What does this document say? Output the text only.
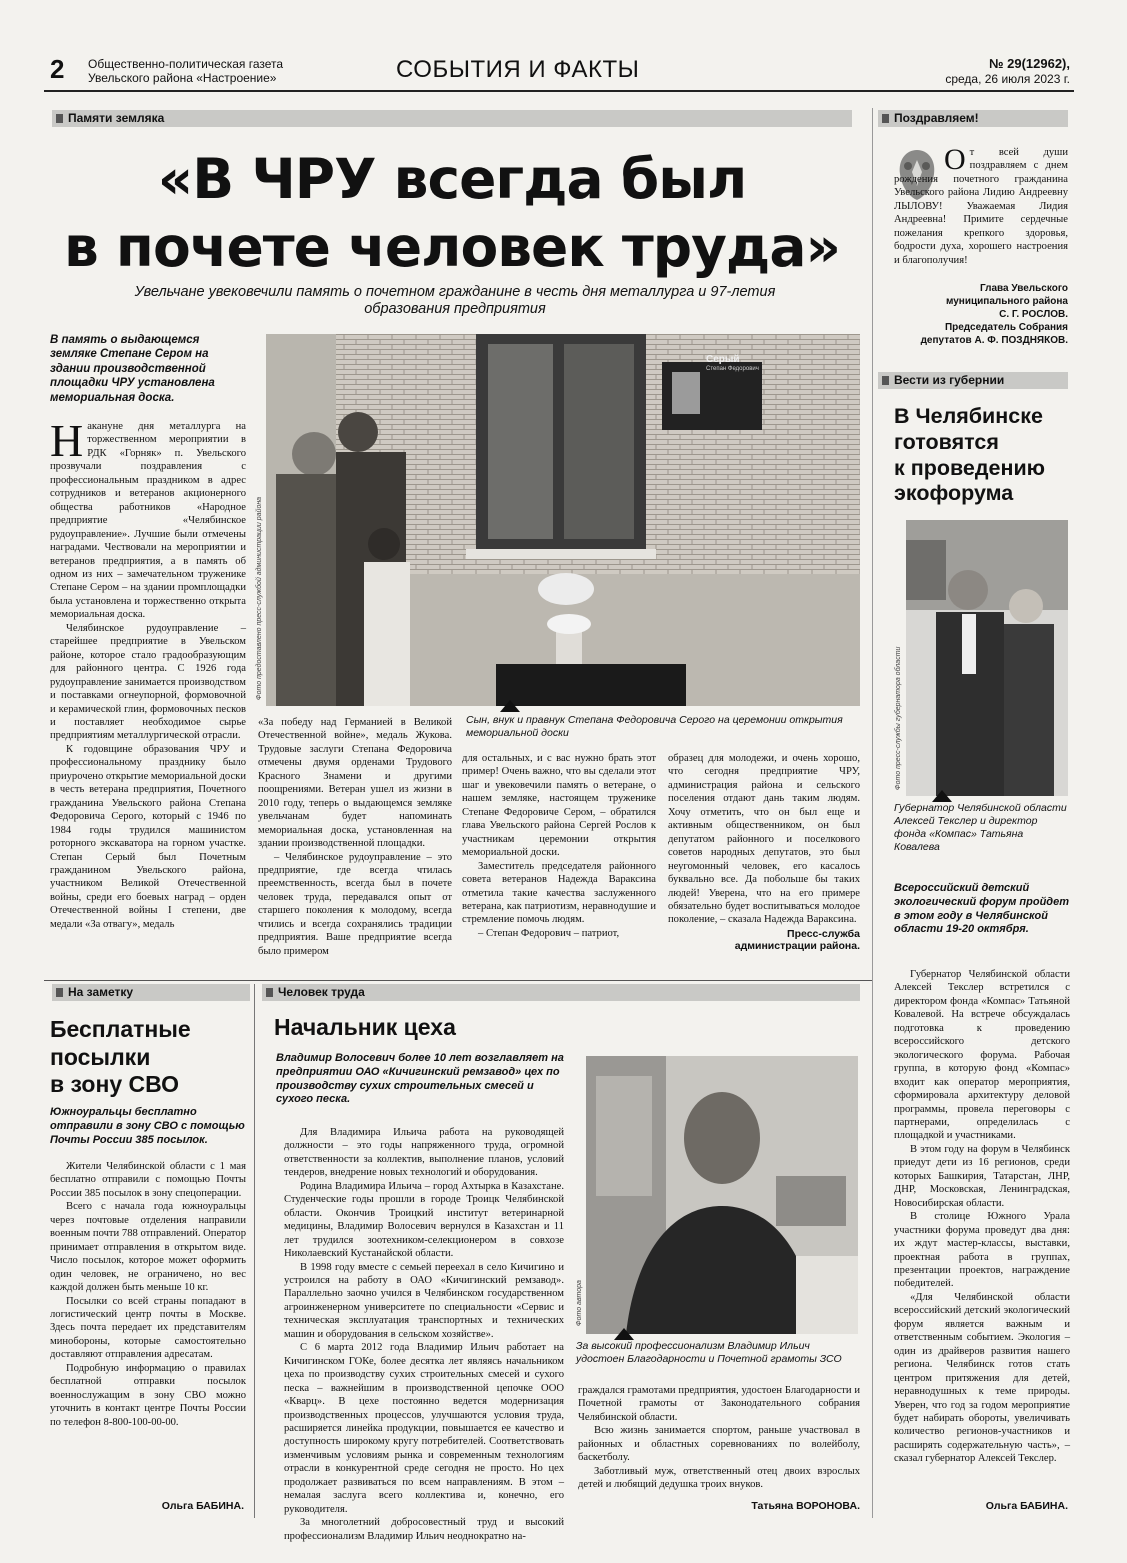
2 Общественно-политическая газета
Увельского района «Настроение»	СОБЫТИЯ И ФАКТЫ	№ 29(12962),
среда, 26 июля 2023 г.
Памяти земляка
«В ЧРУ всегда был
в почете человек труда»
Увельчане увековечили память о почетном гражданине в честь дня металлурга и 97-летия образования предприятия
В память о выдающемся земляке Степане Сером на здании производственной площадки ЧРУ установлена мемориальная доска.

Накануне дня металлурга на торжественном мероприятии в РДК «Горняк» п. Увельского прозвучали поздравления с профессиональным праздником в адрес сотрудников и ветеранов акционерного общества работников «Народное предприятие «Челябинское рудоуправление». Лучшие были отмечены наградами. Чествовали на мероприятии и ветеранов предприятия, а в память об одном из них – замечательном труженике Степане Сером – на здании промплощадки была установлена и торжественно открыта мемориальная доска.

Челябинское рудоуправление – старейшее предприятие в Увельском районе, которое стало градообразующим для районного центра. С 1926 года рудоуправление занимается производством и поставками огнеупорной, формовочной и керамической глин, формовочных песков и поставляет необходимое сырье предприятиям металлургической отрасли.

К годовщине образования ЧРУ и профессиональному празднику было приурочено открытие мемориальной доски в честь ветерана предприятия, Почетного гражданина Увельского района Степана Федоровича Серого, который с 1946 по 1984 годы трудился машинистом роторного экскаватора на горном участке. Степан Серый был Почетным гражданином Увельского района, участником Великой Отечественной войны, среди его боевых наград – орден Отечественной войны I степени, две медали «За отвагу», медаль

Серый
Степан Федорович
Фото предоставлено пресс-службой администрации района
Сын, внук и правнук Степана Федоровича Серого на церемонии открытия мемориальной доски

«За победу над Германией в Великой Отечественной войне», медаль Жукова. Трудовые заслуги Степана Федоровича отмечены двумя орденами Трудового Красного Знамени и другими поощрениями. Ветеран ушел из жизни в 2010 году, теперь о выдающемся земляке увельчанам будет напоминать мемориальная доска, установленная на здании производственной площадки.

– Челябинское рудоуправление – это предприятие, где всегда чтилась преемственность, всегда был в почете человек труда, передавался опыт от старшего поколения к молодому, всегда чтились и всегда сохранялись традиции предприятия. Ваше предприятие всегда было примером

для остальных, и с вас нужно брать этот пример! Очень важно, что вы сделали этот шаг и увековечили память о ветеране, о нашем земляке, настоящем труженике Степане Федоровиче Сером, – обратился глава Увельского района Сергей Рослов к участникам церемонии открытия мемориальной доски.

Заместитель председателя районного совета ветеранов Надежда Вараксина отметила такие качества заслуженного ветерана, как патриотизм, неравнодушие и стремление помочь людям.

– Степан Федорович – патриот,

образец для молодежи, и очень хорошо, что сегодня предприятие ЧРУ, администрация района и сельского поселения отдают дань таким людям. Хочу отметить, что он был еще и активным общественником, он был депутатом районного и поселкового советов народных депутатов, это был неугомонный человек, его касалось буквально все. Да побольше бы таких людей! Уверена, что на его примере обязательно будет воспитываться молодое поколение, – сказала Надежда Вараксина.

Пресс-служба
администрации района.
Поздравляем!
От всей души поздравляем с днем рождения почетного гражданина Увельского района Лидию Андреевну ЛЫЛОВУ! Уважаемая Лидия Андреевна! Примите сердечные пожелания крепкого здоровья, бодрости духа, хорошего настроения и благополучия!
Глава Увельского
муниципального района
С. Г. РОСЛОВ.
Председатель Собрания
депутатов А. Ф. ПОЗДНЯКОВ.
Вести из губернии
В Челябинске
готовятся
к проведению
экофорума
Фото пресс-службы губернатора области
Губернатор Челябинской области Алексей Текслер и директор фонда «Компас» Татьяна Ковалева
Всероссийский детский экологический форум пройдет в этом году в Челябинской области 19-20 октября.

Губернатор Челябинской области Алексей Текслер встретился с директором фонда «Компас» Татьяной Ковалевой. На встрече обсуждалась подготовка к проведению всероссийского детского экологического форума. Рабочая группа, в которую фонд «Компас» входит как оператор мероприятия, сформировала архитектуру деловой программы, провела переговоры с партнерами, определилась с площадкой и участниками.

В этом году на форум в Челябинск приедут дети из 16 регионов, среди которых Башкирия, Татарстан, ЛНР, ДНР, Московская, Ленинградская, Новосибирская области.

В столице Южного Урала участники форума проведут два дня: их ждут мастер-классы, выставки, проектная работа в группах, презентации проектов, награждение победителей.

«Для Челябинской области всероссийский детский экологический форум является важным и ответственным событием. Экология – один из драйверов развития нашего региона. Челябинск готов стать центром притяжения для детей, неравнодушных к теме природы. Уверен, что год за годом мероприятие будет набирать обороты, увеличивать количество регионов-участников и расширять содержательную часть», – сказал губернатор Алексей Текслер.

Ольга БАБИНА.
На заметку
Бесплатные
посылки
в зону СВО
Южноуральцы бесплатно отправили в зону СВО с помощью Почты России 385 посылок.

Жители Челябинской области с 1 мая бесплатно отправили с помощью Почты России 385 посылок в зону спецоперации.

Всего с начала года южноуральцы через почтовые отделения направили военным почти 788 отправлений. Оператор принимает отправления в открытом виде. Число посылок, которое может оформить один человек, не ограничено, но вес каждой должен быть меньше 10 кг.

Посылки со всей страны попадают в логистический центр почты в Москве. Здесь почта передает их представителям минобороны, которые самостоятельно доставляют отправления адресатам.

Подробную информацию о правилах бесплатной отправки посылок военнослужащим в зону СВО можно уточнить в контакт центре Почты России по телефон 8-800-100-00-00.

Ольга БАБИНА.
Человек труда
Начальник цеха
Владимир Волосевич более 10 лет возглавляет на предприятии ОАО «Кичигинский ремзавод» цех по производству сухих строительных смесей и сухого песка.

Для Владимира Ильича работа на руководящей должности – это годы напряженного труда, огромной ответственности за коллектив, выполнение планов, условий тендеров, внедрение новых технологий и оборудования.

Родина Владимира Ильича – город Ахтырка в Казахстане. Студенческие годы прошли в городе Троицк Челябинской области. Окончив Троицкий институт ветеринарной медицины, Владимир Волосевич вернулся в Казахстан и 11 лет трудился зоотехником-селекционером в совхозе Николаевский Кустанайской области.

В 1998 году вместе с семьей переехал в село Кичигино и устроился на работу в ОАО «Кичигинский ремзавод». Параллельно заочно учился в Челябинском государственном агроинженерном университете по специальности «Сервис и техническая эксплуатация транспортных и технических машин и оборудования в сельском хозяйстве».

С 6 марта 2012 года Владимир Ильич работает на Кичигинском ГОКе, более десятка лет являясь начальником цеха по производству сухих строительных смесей и сухого песка – важнейшим в производственной цепочке ООО «Кварц». В цехе постоянно ведется модернизация производственных процессов, улучшаются условия труда, расширяется линейка продукции, повышается ее качество и доступность широкому кругу потребителей. Соответствовать изменчивым условиям рынка и современным технологиям отрасли в конкурентной среде сегодня не просто. Но цех продолжает развиваться по всем направлениям. В этом – немалая заслуга всего коллектива и, конечно, его руководителя.

За многолетний добросовестный труд и высокий профессионализм Владимир Ильич неоднократно на-

Фото автора
За высокий профессионализм Владимир Ильич удостоен Благодарности и Почетной грамоты ЗСО

граждался грамотами предприятия, удостоен Благодарности и Почетной грамоты от Законодательного собрания Челябинской области.

Всю жизнь занимается спортом, раньше участвовал в районных и областных соревнованиях по волейболу, баскетболу.

Заботливый муж, ответственный отец двоих взрослых детей и любящий дедушка троих внуков.

Татьяна ВОРОНОВА.
